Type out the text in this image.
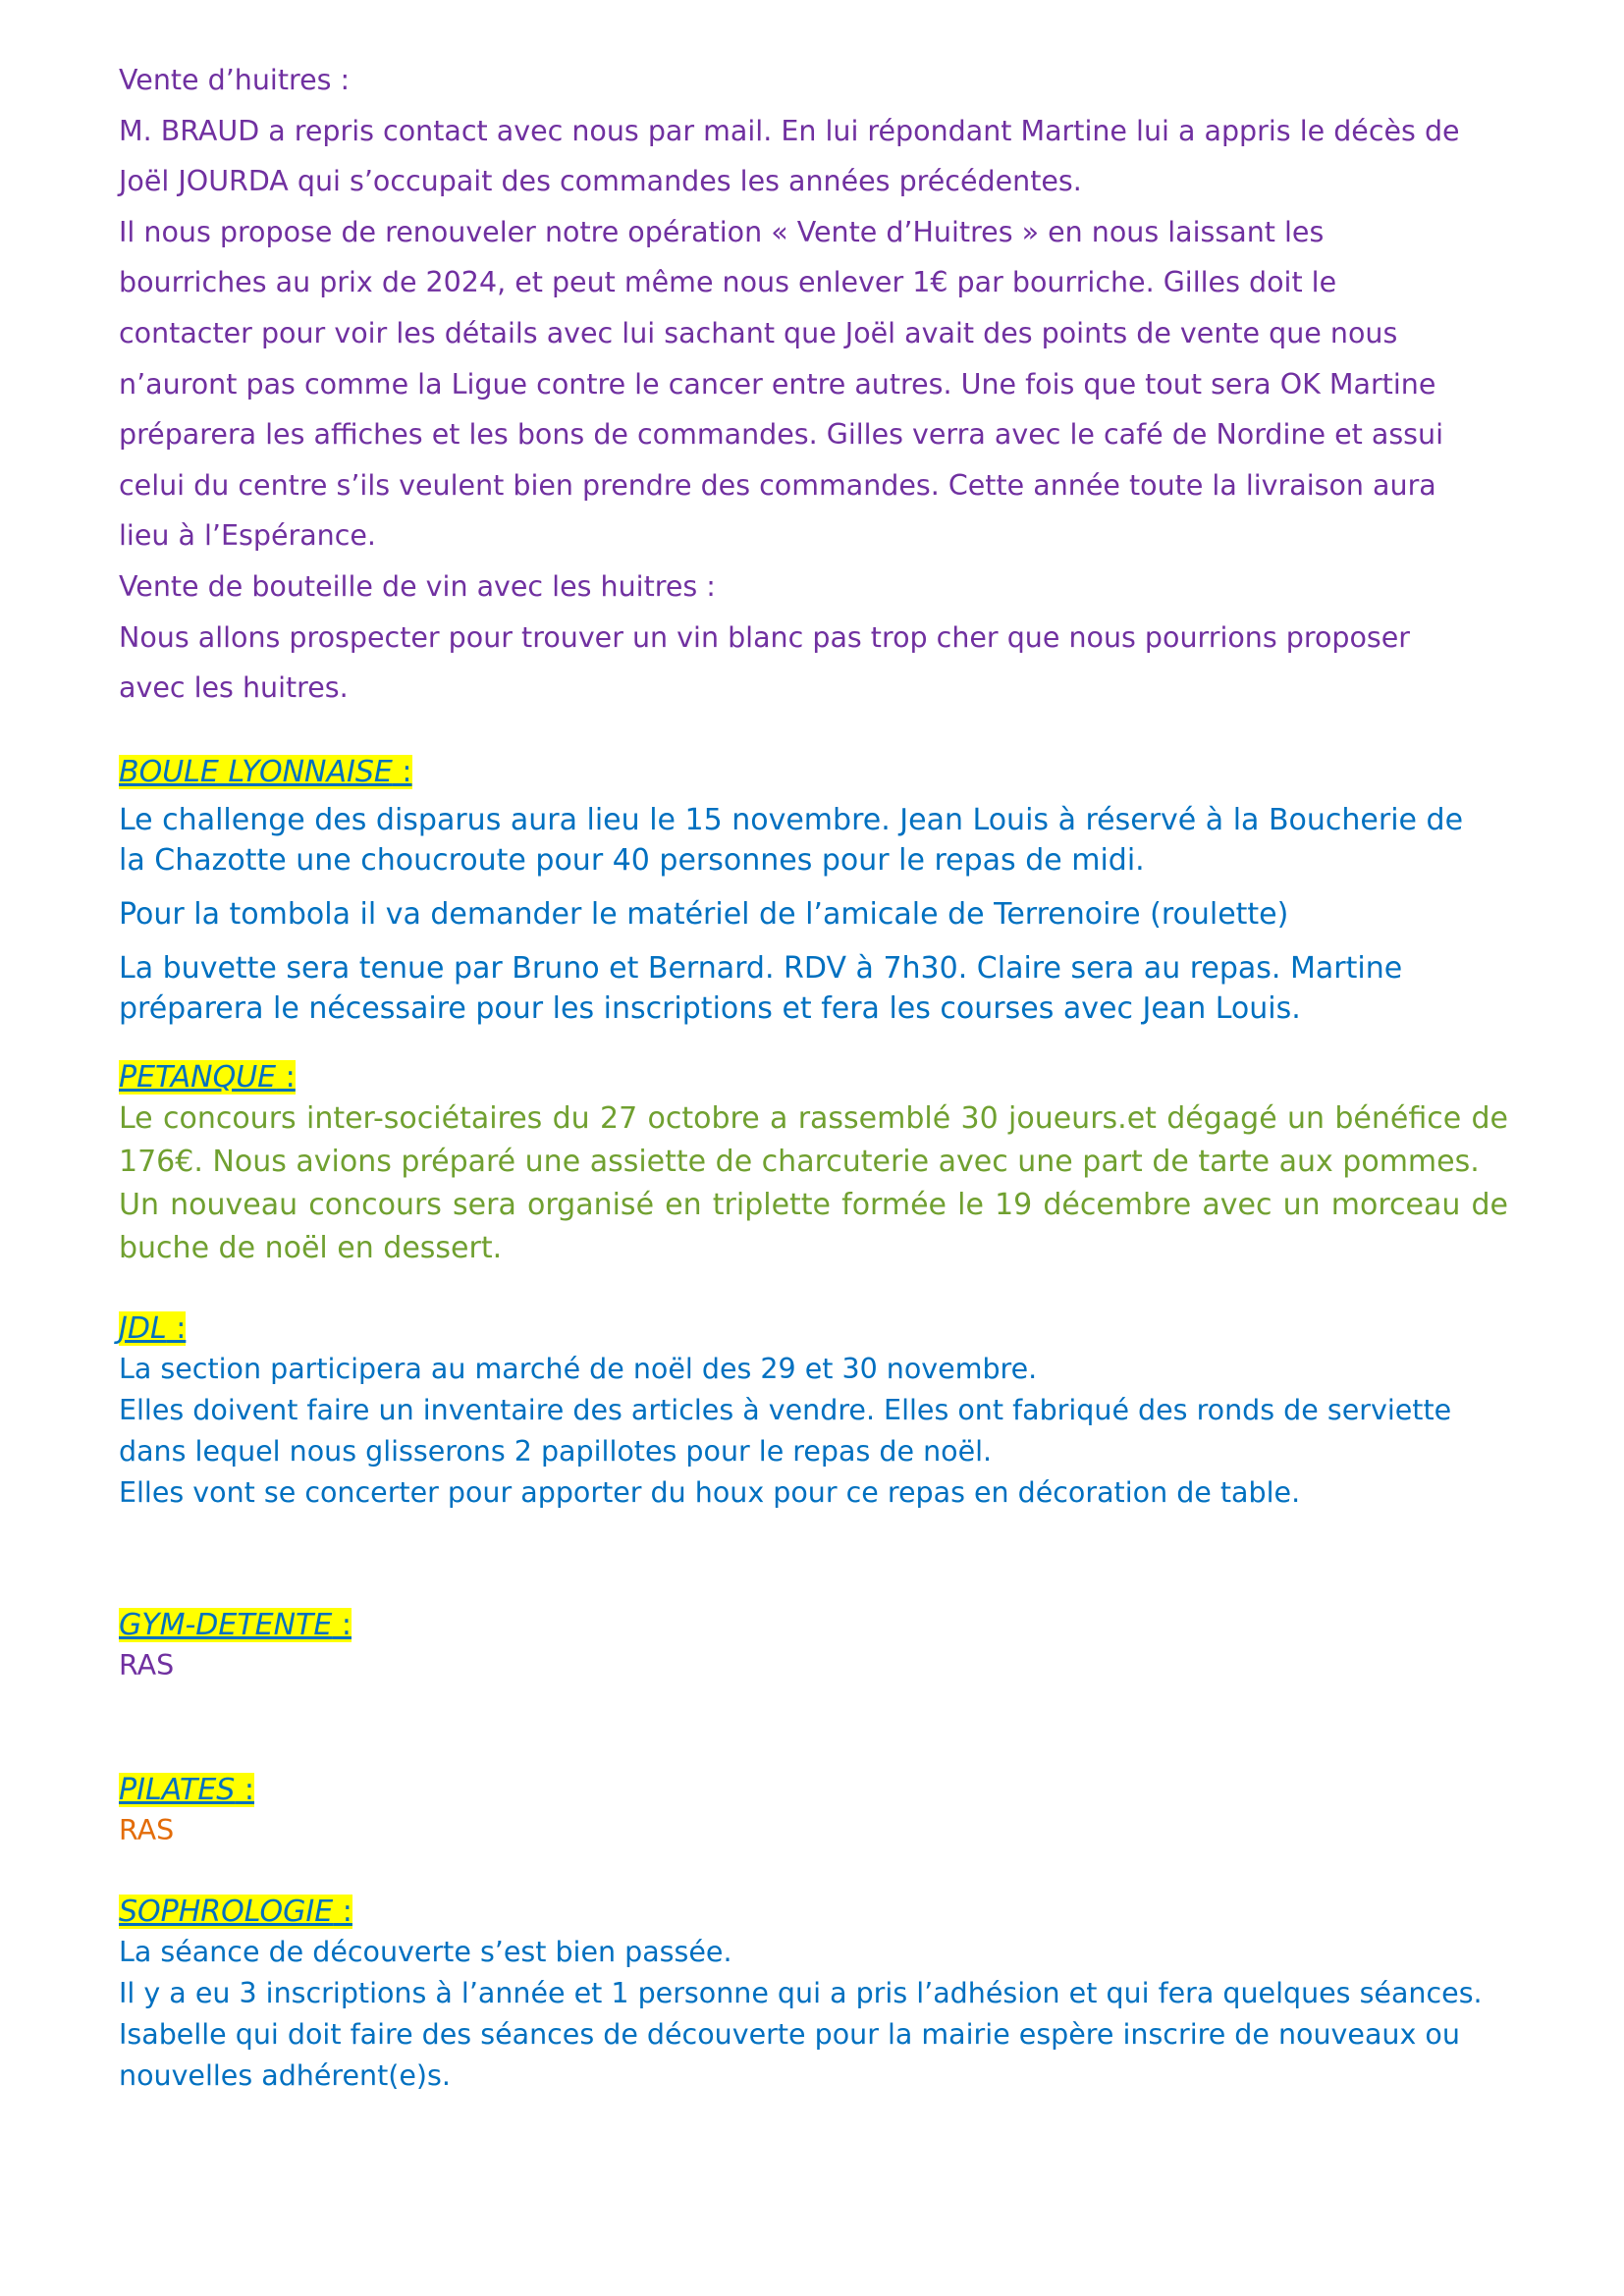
Vente d’huitres :

M. BRAUD a repris contact avec nous par mail. En lui répondant Martine lui a appris le décès de

Joël JOURDA qui s’occupait des commandes les années précédentes.

Il nous propose de renouveler notre opération « Vente d’Huitres » en nous laissant les

bourriches au prix de 2024, et peut même nous enlever 1€ par bourriche. Gilles doit le

contacter pour voir les détails avec lui sachant que Joël avait des points de vente que nous

n’auront pas comme la Ligue contre le cancer entre autres. Une fois que tout sera OK Martine

préparera les affiches et les bons de commandes. Gilles verra avec le café de Nordine et assui

celui du centre s’ils veulent bien prendre des commandes. Cette année toute la livraison aura

lieu à l’Espérance.

Vente de bouteille de vin avec les huitres :

Nous allons prospecter pour trouver un vin blanc pas trop cher que nous pourrions proposer

avec les huitres.

BOULE LYONNAISE :

Le challenge des disparus aura lieu le 15 novembre. Jean Louis à réservé à la Boucherie de

la Chazotte une choucroute pour 40 personnes pour le repas de midi.

Pour la tombola il va demander le matériel de l’amicale de Terrenoire (roulette)

La buvette sera tenue par Bruno et Bernard. RDV à 7h30. Claire sera au repas. Martine

préparera le nécessaire pour les inscriptions et fera les courses avec Jean Louis.

PETANQUE :

Le concours inter-sociétaires du 27 octobre a rassemblé 30 joueurs.et dégagé un bénéfice de 176€. Nous avions préparé une assiette de charcuterie avec une part de tarte aux pommes.

Un nouveau concours sera organisé en triplette formée le 19 décembre avec un morceau de buche de noël en dessert.

JDL :

La section participera au marché de noël des 29 et 30 novembre.

Elles doivent faire un inventaire des articles à vendre. Elles ont fabriqué des ronds de serviette

dans lequel nous glisserons 2 papillotes pour le repas de noël.

Elles vont se concerter pour apporter du houx pour ce repas en décoration de table.

GYM-DETENTE :

RAS

PILATES :

RAS

SOPHROLOGIE :

La séance de découverte s’est bien passée.

Il y a eu 3 inscriptions à l’année et 1 personne qui a pris l’adhésion et qui fera quelques séances.

Isabelle qui doit faire des séances de découverte pour la mairie espère inscrire de nouveaux ou

nouvelles adhérent(e)s.
